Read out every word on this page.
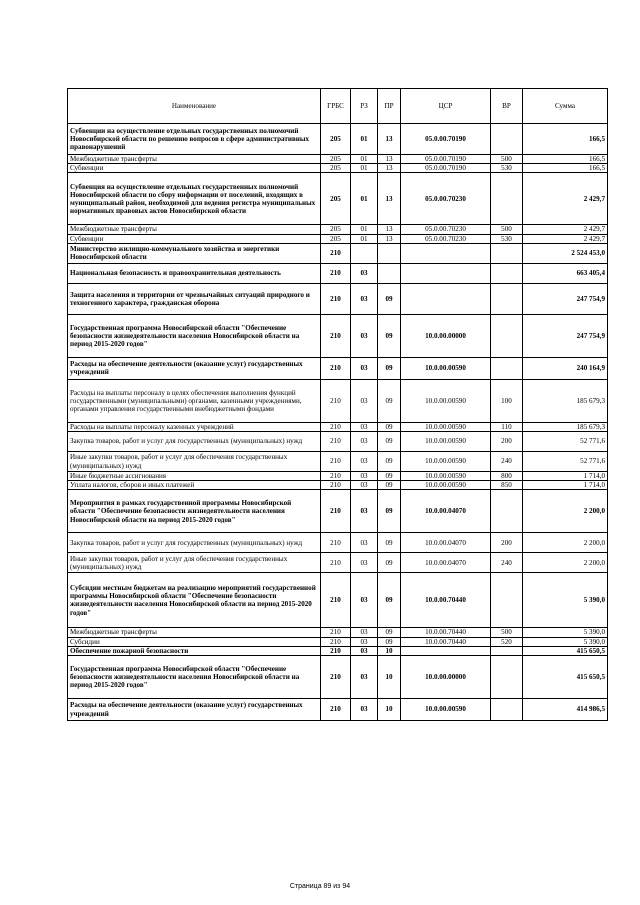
Наименование	ГРБС	РЗ	ПР	ЦСР	ВР	Сумма
Субвенции на осуществление отдельных государственных полномочий Новосибирской области по решению вопросов в сфере административных правонарушений	205	01	13	05.0.00.70190		166,5
Межбюджетные трансферты	205	01	13	05.0.00.70190	500	166,5
Субвенции	205	01	13	05.0.00.70190	530	166,5
Субвенция на осуществление отдельных государственных полномочий Новосибирской области по сбору информации от поселений, входящих в муниципальный район, необходимой для ведения регистра муниципальных нормативных правовых актов Новосибирской области	205	01	13	05.0.00.70230		2 429,7
Межбюджетные трансферты	205	01	13	05.0.00.70230	500	2 429,7
Субвенции	205	01	13	05.0.00.70230	530	2 429,7
Министерство жилищно-коммунального хозяйства и энергетики Новосибирской области	210					2 524 453,0
Национальная безопасность и правоохранительная деятельность	210	03				663 405,4
Защита населения и территории от чрезвычайных ситуаций природного и техногенного характера, гражданская оборона	210	03	09			247 754,9
Государственная программа Новосибирской области "Обеспечение безопасности жизнедеятельности населения Новосибирской области на период 2015-2020 годов"	210	03	09	10.0.00.00000		247 754,9
Расходы на обеспечение деятельности (оказание услуг) государственных учреждений	210	03	09	10.0.00.00590		240 164,9
Расходы на выплаты персоналу в целях обеспечения выполнения функций государственными (муниципальными) органами, казенными учреждениями, органами управления государственными внебюджетными фондами	210	03	09	10.0.00.00590	100	185 679,3
Расходы на выплаты персоналу казенных учреждений	210	03	09	10.0.00.00590	110	185 679,3
Закупка товаров, работ и услуг для государственных (муниципальных) нужд	210	03	09	10.0.00.00590	200	52 771,6
Иные закупки товаров, работ и услуг для обеспечения государственных (муниципальных) нужд	210	03	09	10.0.00.00590	240	52 771,6
Иные бюджетные ассигнования	210	03	09	10.0.00.00590	800	1 714,0
Уплата налогов, сборов и иных платежей	210	03	09	10.0.00.00590	850	1 714,0
Мероприятия в рамках государственной программы Новосибирской области "Обеспечение безопасности жизнедеятельности населения Новосибирской области на период 2015-2020 годов"	210	03	09	10.0.00.04070		2 200,0
Закупка товаров, работ и услуг для государственных (муниципальных) нужд	210	03	09	10.0.00.04070	200	2 200,0
Иные закупки товаров, работ и услуг для обеспечения государственных (муниципальных) нужд	210	03	09	10.0.00.04070	240	2 200,0
Субсидии местным бюджетам на реализацию мероприятий государственной программы Новосибирской области "Обеспечение безопасности жизнедеятельности населения Новосибирской области на период 2015-2020 годов"	210	03	09	10.0.00.70440		5 390,0
Межбюджетные трансферты	210	03	09	10.0.00.70440	500	5 390,0
Субсидии	210	03	09	10.0.00.70440	520	5 390,0
Обеспечение пожарной безопасности	210	03	10			415 650,5
Государственная программа Новосибирской области "Обеспечение безопасности жизнедеятельности населения Новосибирской области на период 2015-2020 годов"	210	03	10	10.0.00.00000		415 650,5
Расходы на обеспечение деятельности (оказание услуг) государственных учреждений	210	03	10	10.0.00.00590		414 986,5
Страница 89 из 94
